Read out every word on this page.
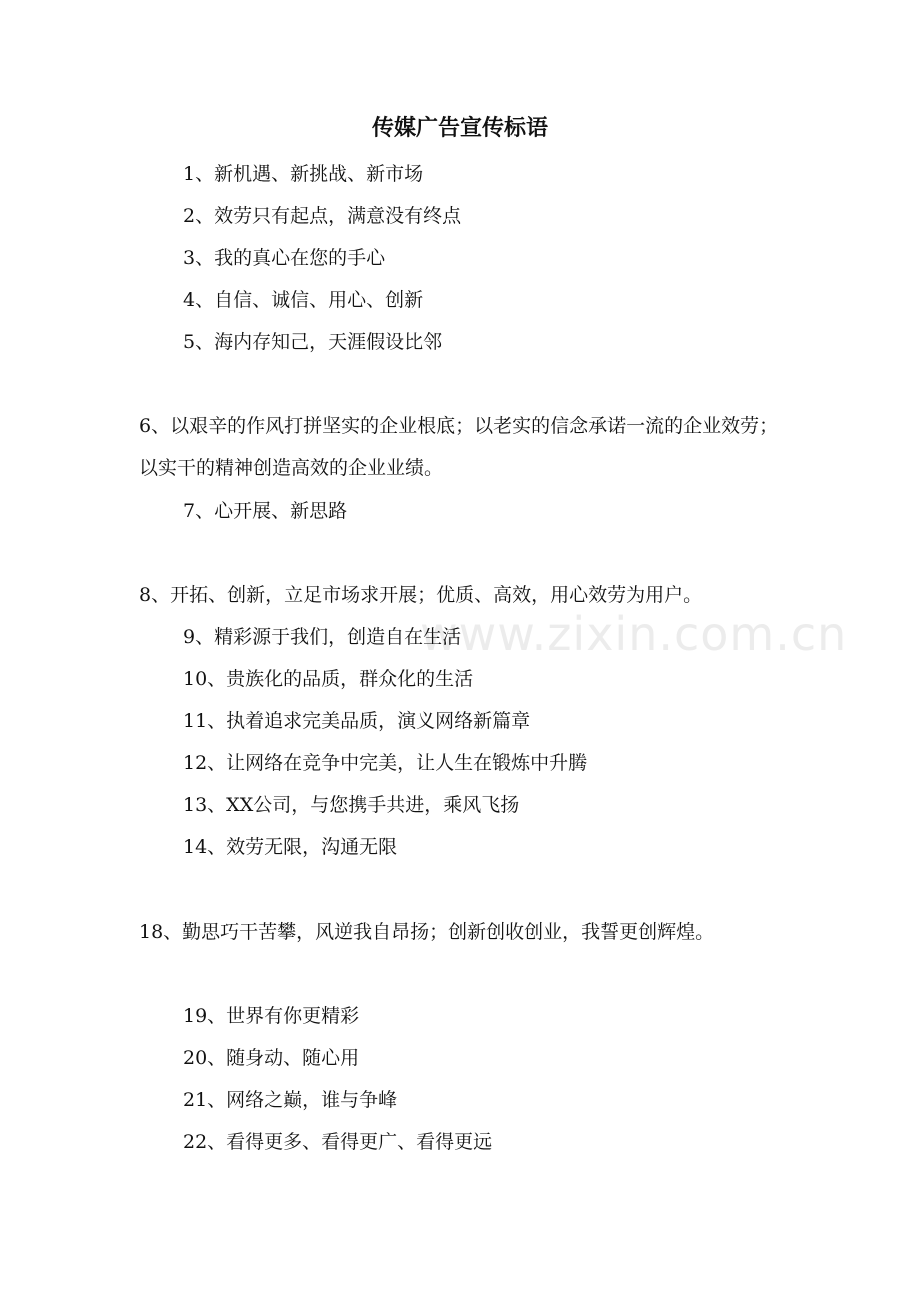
www.zixin.com.cn
传媒广告宣传标语
1、新机遇、新挑战、新市场
2、效劳只有起点，满意没有终点
3、我的真心在您的手心
4、自信、诚信、用心、创新
5、海内存知己，天涯假设比邻
6、以艰辛的作风打拼坚实的企业根底；以老实的信念承诺一流的企业效劳；以实干的精神创造高效的企业业绩。
7、心开展、新思路
8、开拓、创新，立足市场求开展；优质、高效，用心效劳为用户。
9、精彩源于我们，创造自在生活
10、贵族化的品质，群众化的生活
11、执着追求完美品质，演义网络新篇章
12、让网络在竞争中完美，让人生在锻炼中升腾
13、XX公司，与您携手共进，乘风飞扬
14、效劳无限，沟通无限
18、勤思巧干苦攀，风逆我自昂扬；创新创收创业，我誓更创辉煌。
19、世界有你更精彩
20、随身动、随心用
21、网络之巅，谁与争峰
22、看得更多、看得更广、看得更远
